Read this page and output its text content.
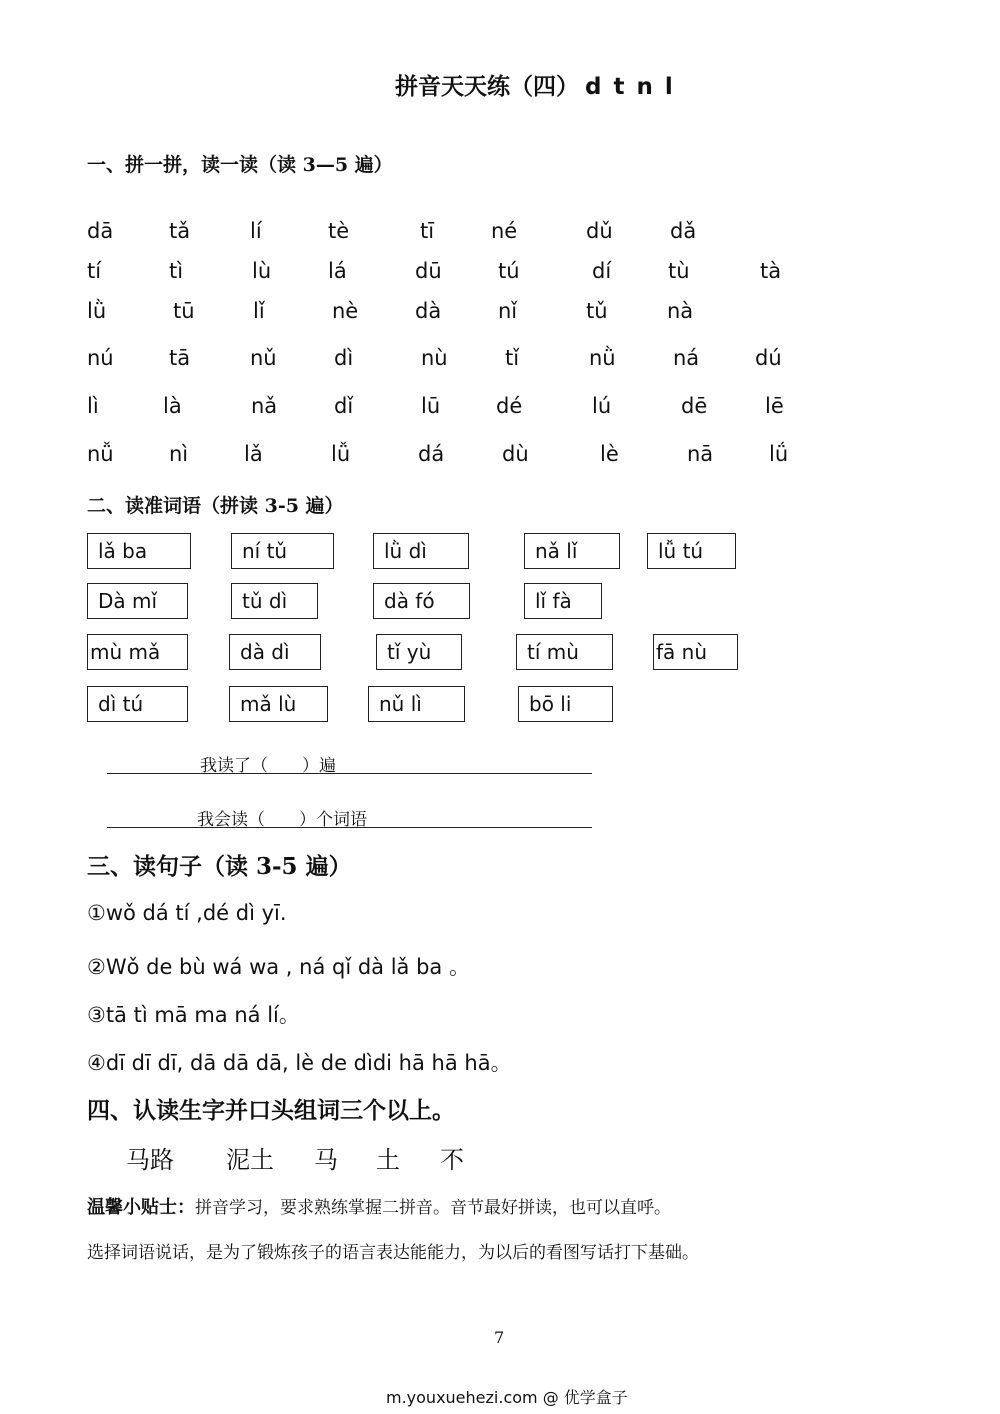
拼音天天练（四） d t n l
一、拼一拼，读一读（读 3—5 遍）
dā	tǎ	lí	tè	tī	né	dǔ	dǎ
tí	tì	lù	lá	dū	tú	dí	tù	tà
lǜ	tū	lǐ	nè	dà	nǐ	tǔ	nà
nú	tā	nǔ	dì	nù	tǐ	nǜ	ná	dú
lì	là	nǎ	dǐ	lū	dé	lú	dē	lē
nǚ	nì	lǎ	lǚ	dá	dù	lè	nā	lǘ
二、读准词语（拼读 3-5 遍）
lǎ ba	ní tǔ	lǜ dì	nǎ lǐ	lǚ tú
Dà mǐ	tǔ dì	dà fó	lǐ fà
mù mǎ	dà dì	tǐ yù	tí mù	fā nù
dì tú	mǎ lù	nǔ lì	bō li
我读了（　　）遍
我会读（　　）个词语
三、读句子（读 3-5 遍）
①wǒ dá tí ,dé dì yī.
②Wǒ de bù wá wa , ná qǐ dà lǎ ba 。
③tā tì mā ma ná lí。
④dī dī dī, dā dā dā, lè de dìdi hā hā hā。
四、认读生字并口头组词三个以上。
马路 泥土 马 土 不
温馨小贴士：拼音学习，要求熟练掌握二拼音。音节最好拼读，也可以直呼。
选择词语说话，是为了锻炼孩子的语言表达能能力，为以后的看图写话打下基础。
7
m.youxuehezi.com @ 优学盒子
